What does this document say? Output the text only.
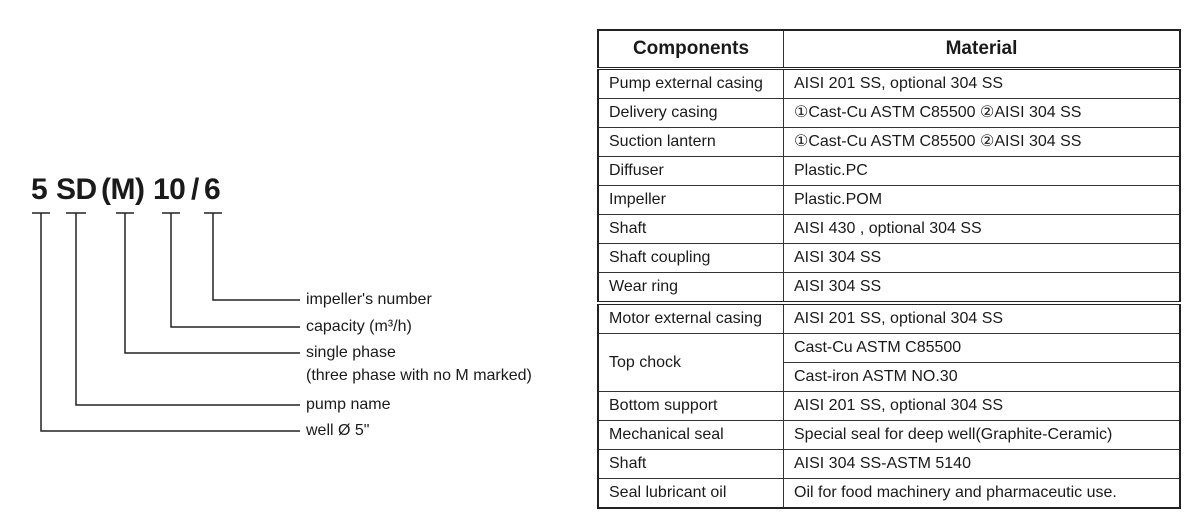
5 SD (M) 10 / 6
impeller's number
capacity (m³/h)
single phase
(three phase with no M marked)
pump name
well Ø 5"
Components	Material
Pump external casing	AISI 201 SS, optional 304 SS
Delivery casing	①Cast-Cu ASTM C85500 ②AISI 304 SS
Suction lantern	①Cast-Cu ASTM C85500 ②AISI 304 SS
Diffuser	Plastic.PC
Impeller	Plastic.POM
Shaft	AISI 430 , optional 304 SS
Shaft coupling	AISI 304 SS
Wear ring	AISI 304 SS
Motor external casing	AISI 201 SS, optional 304 SS
Top chock	Cast-Cu ASTM C85500
	Cast-iron ASTM NO.30
Bottom support	AISI 201 SS, optional 304 SS
Mechanical seal	Special seal for deep well(Graphite-Ceramic)
Shaft	AISI 304 SS-ASTM 5140
Seal lubricant oil	Oil for food machinery and pharmaceutic use.
